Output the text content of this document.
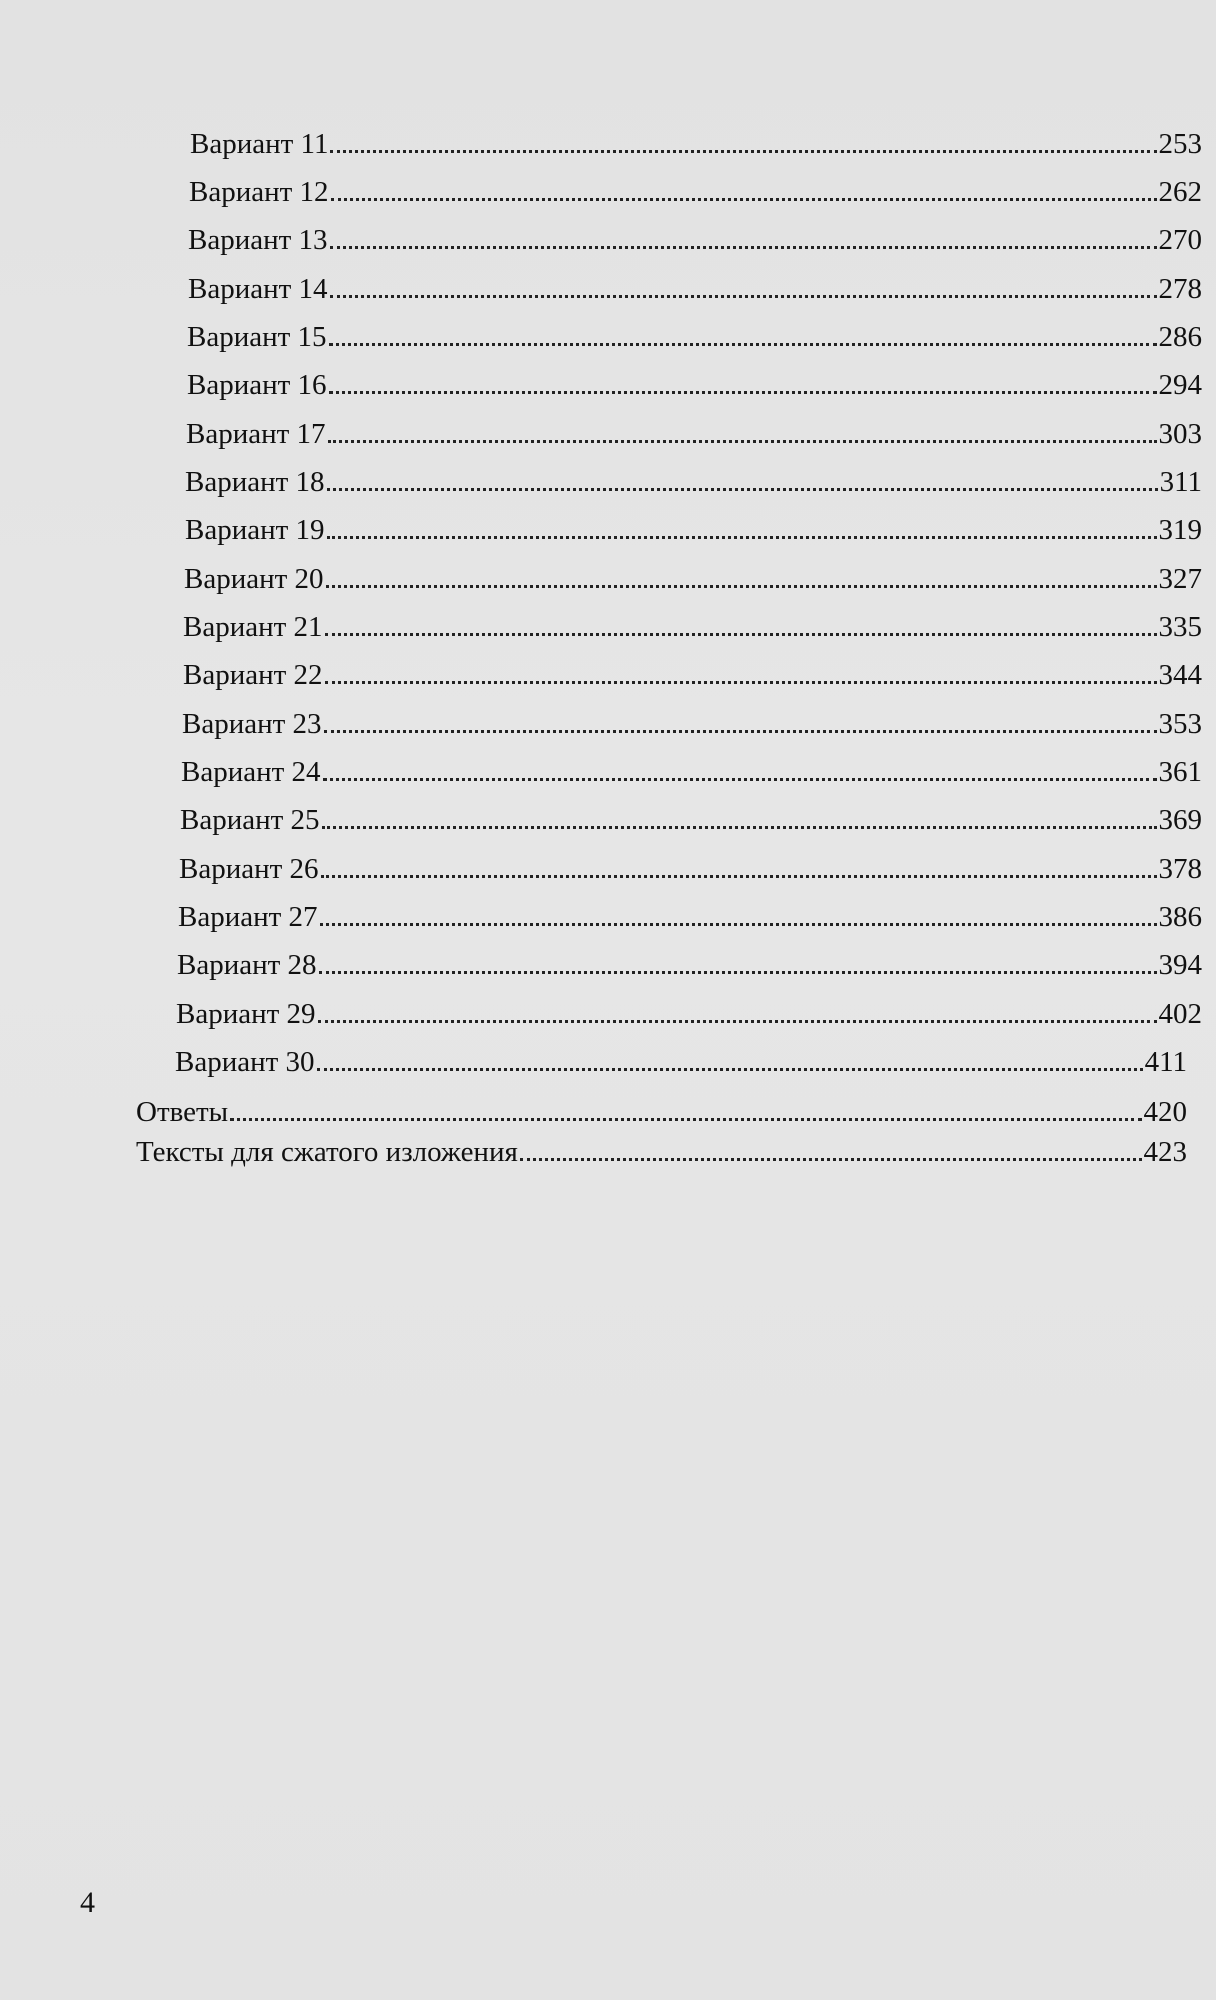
Вариант 11	253
Вариант 12	262
Вариант 13	270
Вариант 14	278
Вариант 15	286
Вариант 16	294
Вариант 17	303
Вариант 18	311
Вариант 19	319
Вариант 20	327
Вариант 21	335
Вариант 22	344
Вариант 23	353
Вариант 24	361
Вариант 25	369
Вариант 26	378
Вариант 27	386
Вариант 28	394
Вариант 29	402
Вариант 30	411
Ответы	420
Тексты для сжатого изложения	423
4
